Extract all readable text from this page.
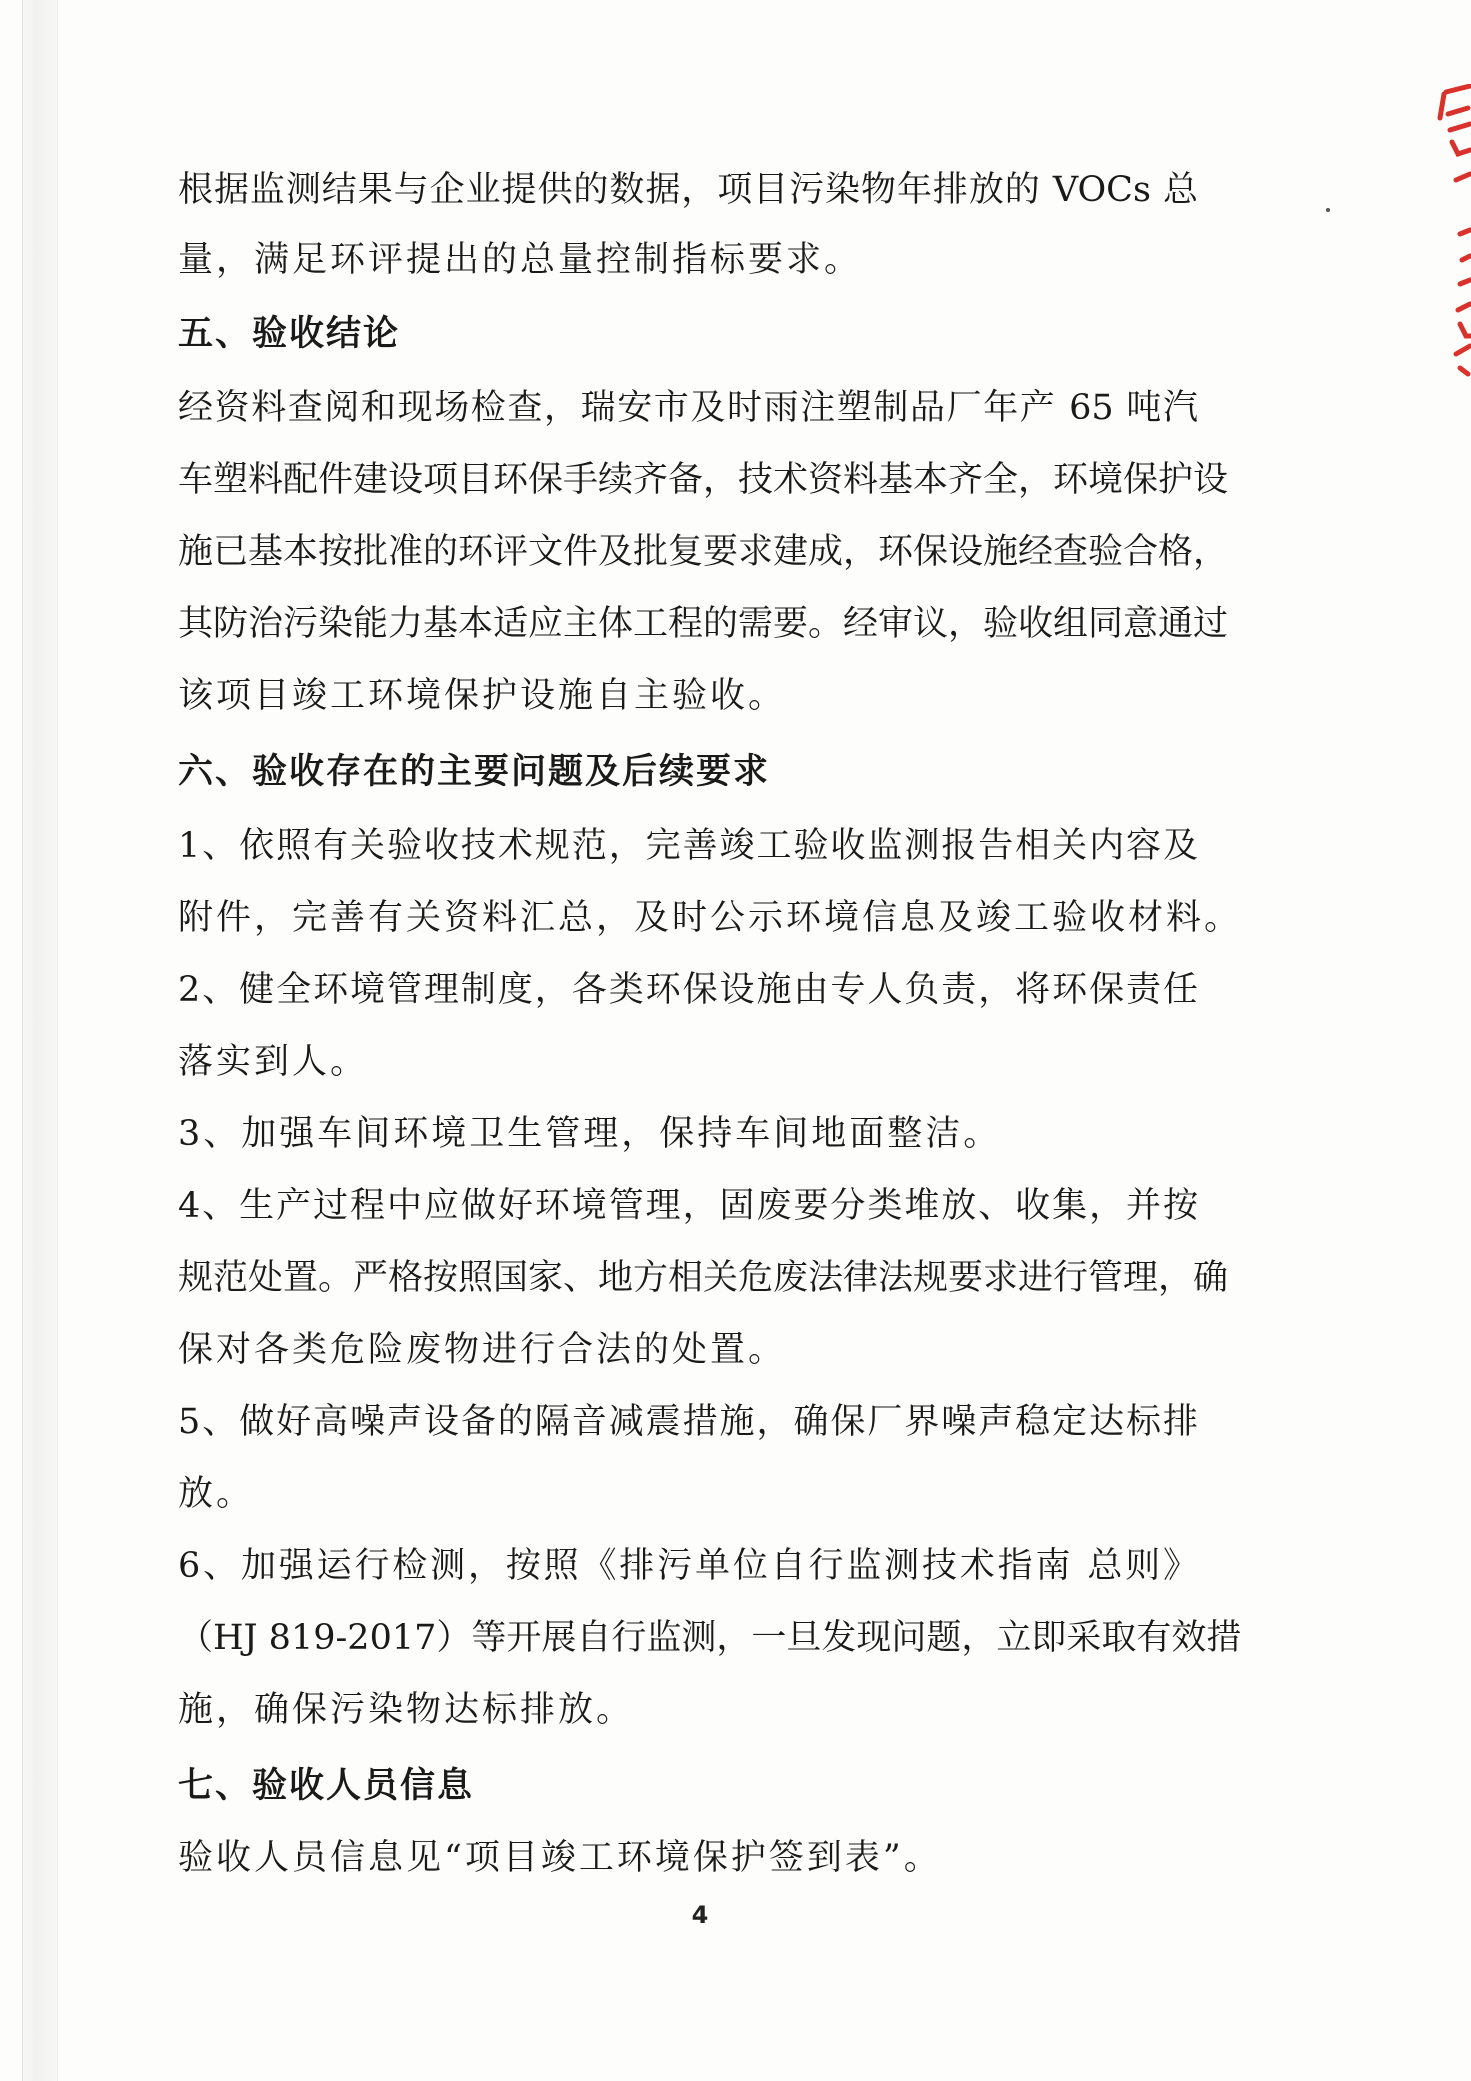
根据监测结果与企业提供的数据，项目污染物年排放的 VOCs 总
量，满足环评提出的总量控制指标要求。
五、验收结论
经资料查阅和现场检查，瑞安市及时雨注塑制品厂年产 65 吨汽
车塑料配件建设项目环保手续齐备，技术资料基本齐全，环境保护设
施已基本按批准的环评文件及批复要求建成，环保设施经查验合格，
其防治污染能力基本适应主体工程的需要。经审议，验收组同意通过
该项目竣工环境保护设施自主验收。
六、验收存在的主要问题及后续要求
1、依照有关验收技术规范，完善竣工验收监测报告相关内容及
附件，完善有关资料汇总，及时公示环境信息及竣工验收材料。
2、健全环境管理制度，各类环保设施由专人负责，将环保责任
落实到人。
3、加强车间环境卫生管理，保持车间地面整洁。
4、生产过程中应做好环境管理，固废要分类堆放、收集，并按
规范处置。严格按照国家、地方相关危废法律法规要求进行管理，确
保对各类危险废物进行合法的处置。
5、做好高噪声设备的隔音减震措施，确保厂界噪声稳定达标排
放。
6、加强运行检测，按照《排污单位自行监测技术指南 总则》
（HJ 819-2017）等开展自行监测，一旦发现问题，立即采取有效措
施，确保污染物达标排放。
七、验收人员信息
验收人员信息见“项目竣工环境保护签到表”。
4
